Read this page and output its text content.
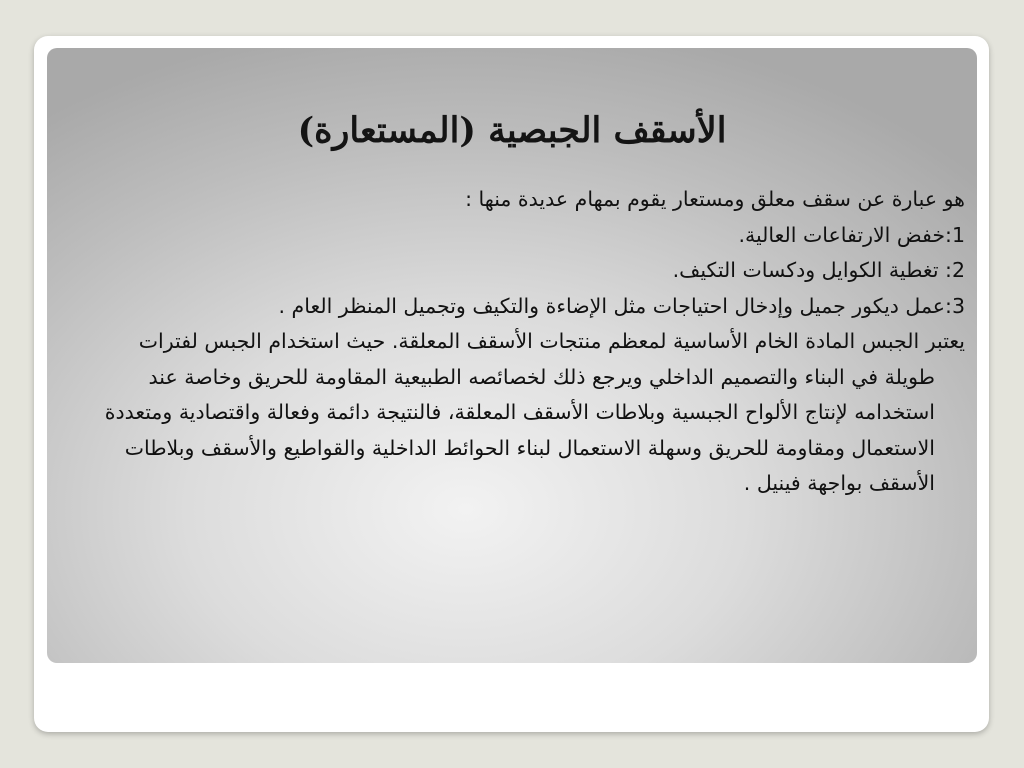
الأسقف الجبصية (المستعارة)

هو عبارة عن سقف معلق ومستعار يقوم بمهام عديدة منها :

1:خفض الارتفاعات العالية.

2: تغطية الكوايل ودكسات التكيف.

3:عمل ديكور جميل وإدخال احتياجات مثل الإضاءة والتكيف وتجميل المنظر العام .

يعتبر الجبس المادة الخام الأساسية لمعظم منتجات الأسقف المعلقة. حيث استخدام الجبس لفترات طويلة في البناء والتصميم الداخلي ويرجع ذلك لخصائصه الطبيعية المقاومة للحريق وخاصة عند استخدامه لإنتاج الألواح الجبسية وبلاطات الأسقف المعلقة، فالنتيجة دائمة وفعالة واقتصادية ومتعددة الاستعمال ومقاومة للحريق وسهلة الاستعمال لبناء الحوائط الداخلية والقواطيع والأسقف وبلاطات الأسقف بواجهة فينيل .
